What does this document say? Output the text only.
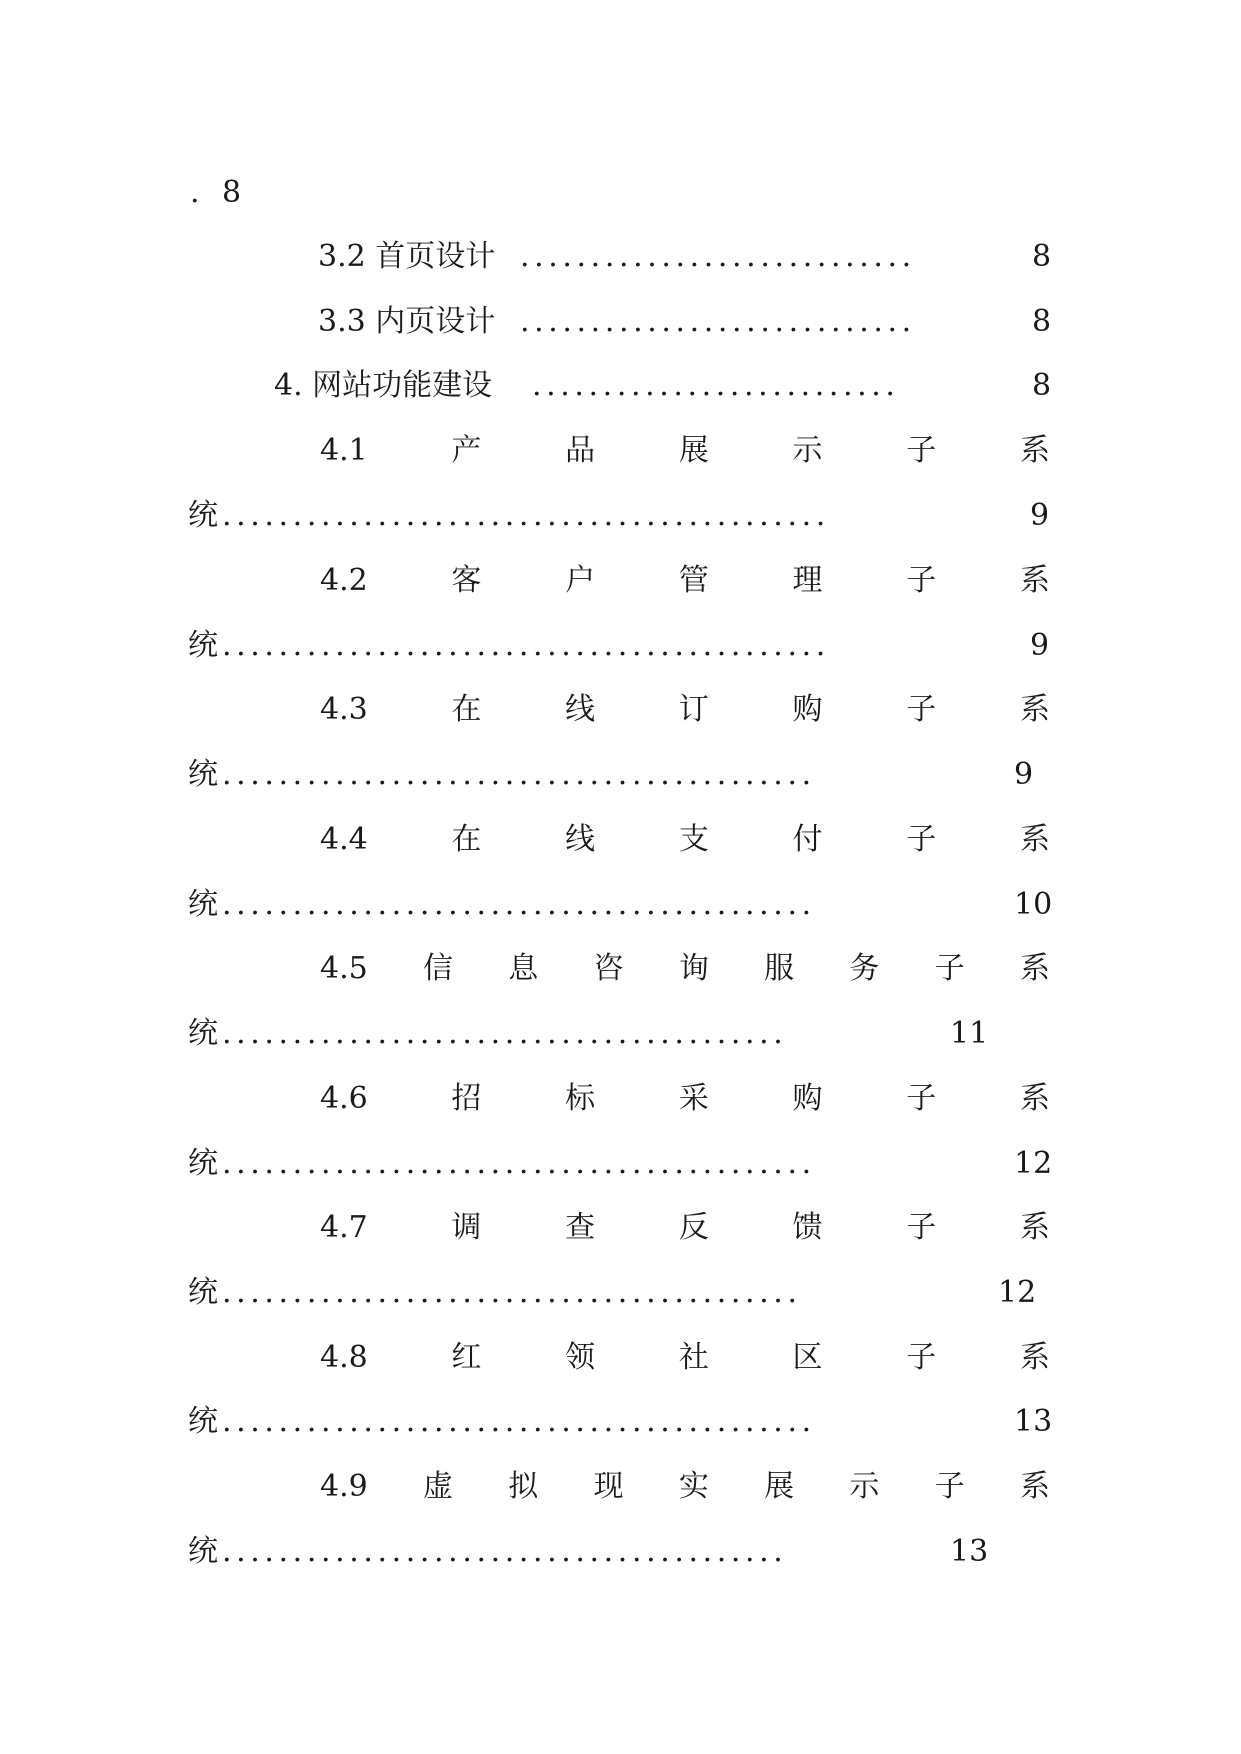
. 8
3.2 首页设计 ............................	8
3.3 内页设计 ............................	8
4. 网站功能建设 ..........................	8
4.1	产	品	展	示	子	系
统 ...........................................	9
4.2	客	户	管	理	子	系
统 ...........................................	9
4.3	在	线	订	购	子	系
统 ..........................................	9
4.4	在	线	支	付	子	系
统 ..........................................	10
4.5 信 息 咨 询 服 务 子 系
统 ........................................	11
4.6	招	标	采	购	子	系
统 ..........................................	12
4.7	调	查	反	馈	子	系
统 .........................................	12
4.8	红	领	社	区	子	系
统 ..........................................	13
4.9 虚 拟 现 实 展 示 子 系
统 ........................................	13
